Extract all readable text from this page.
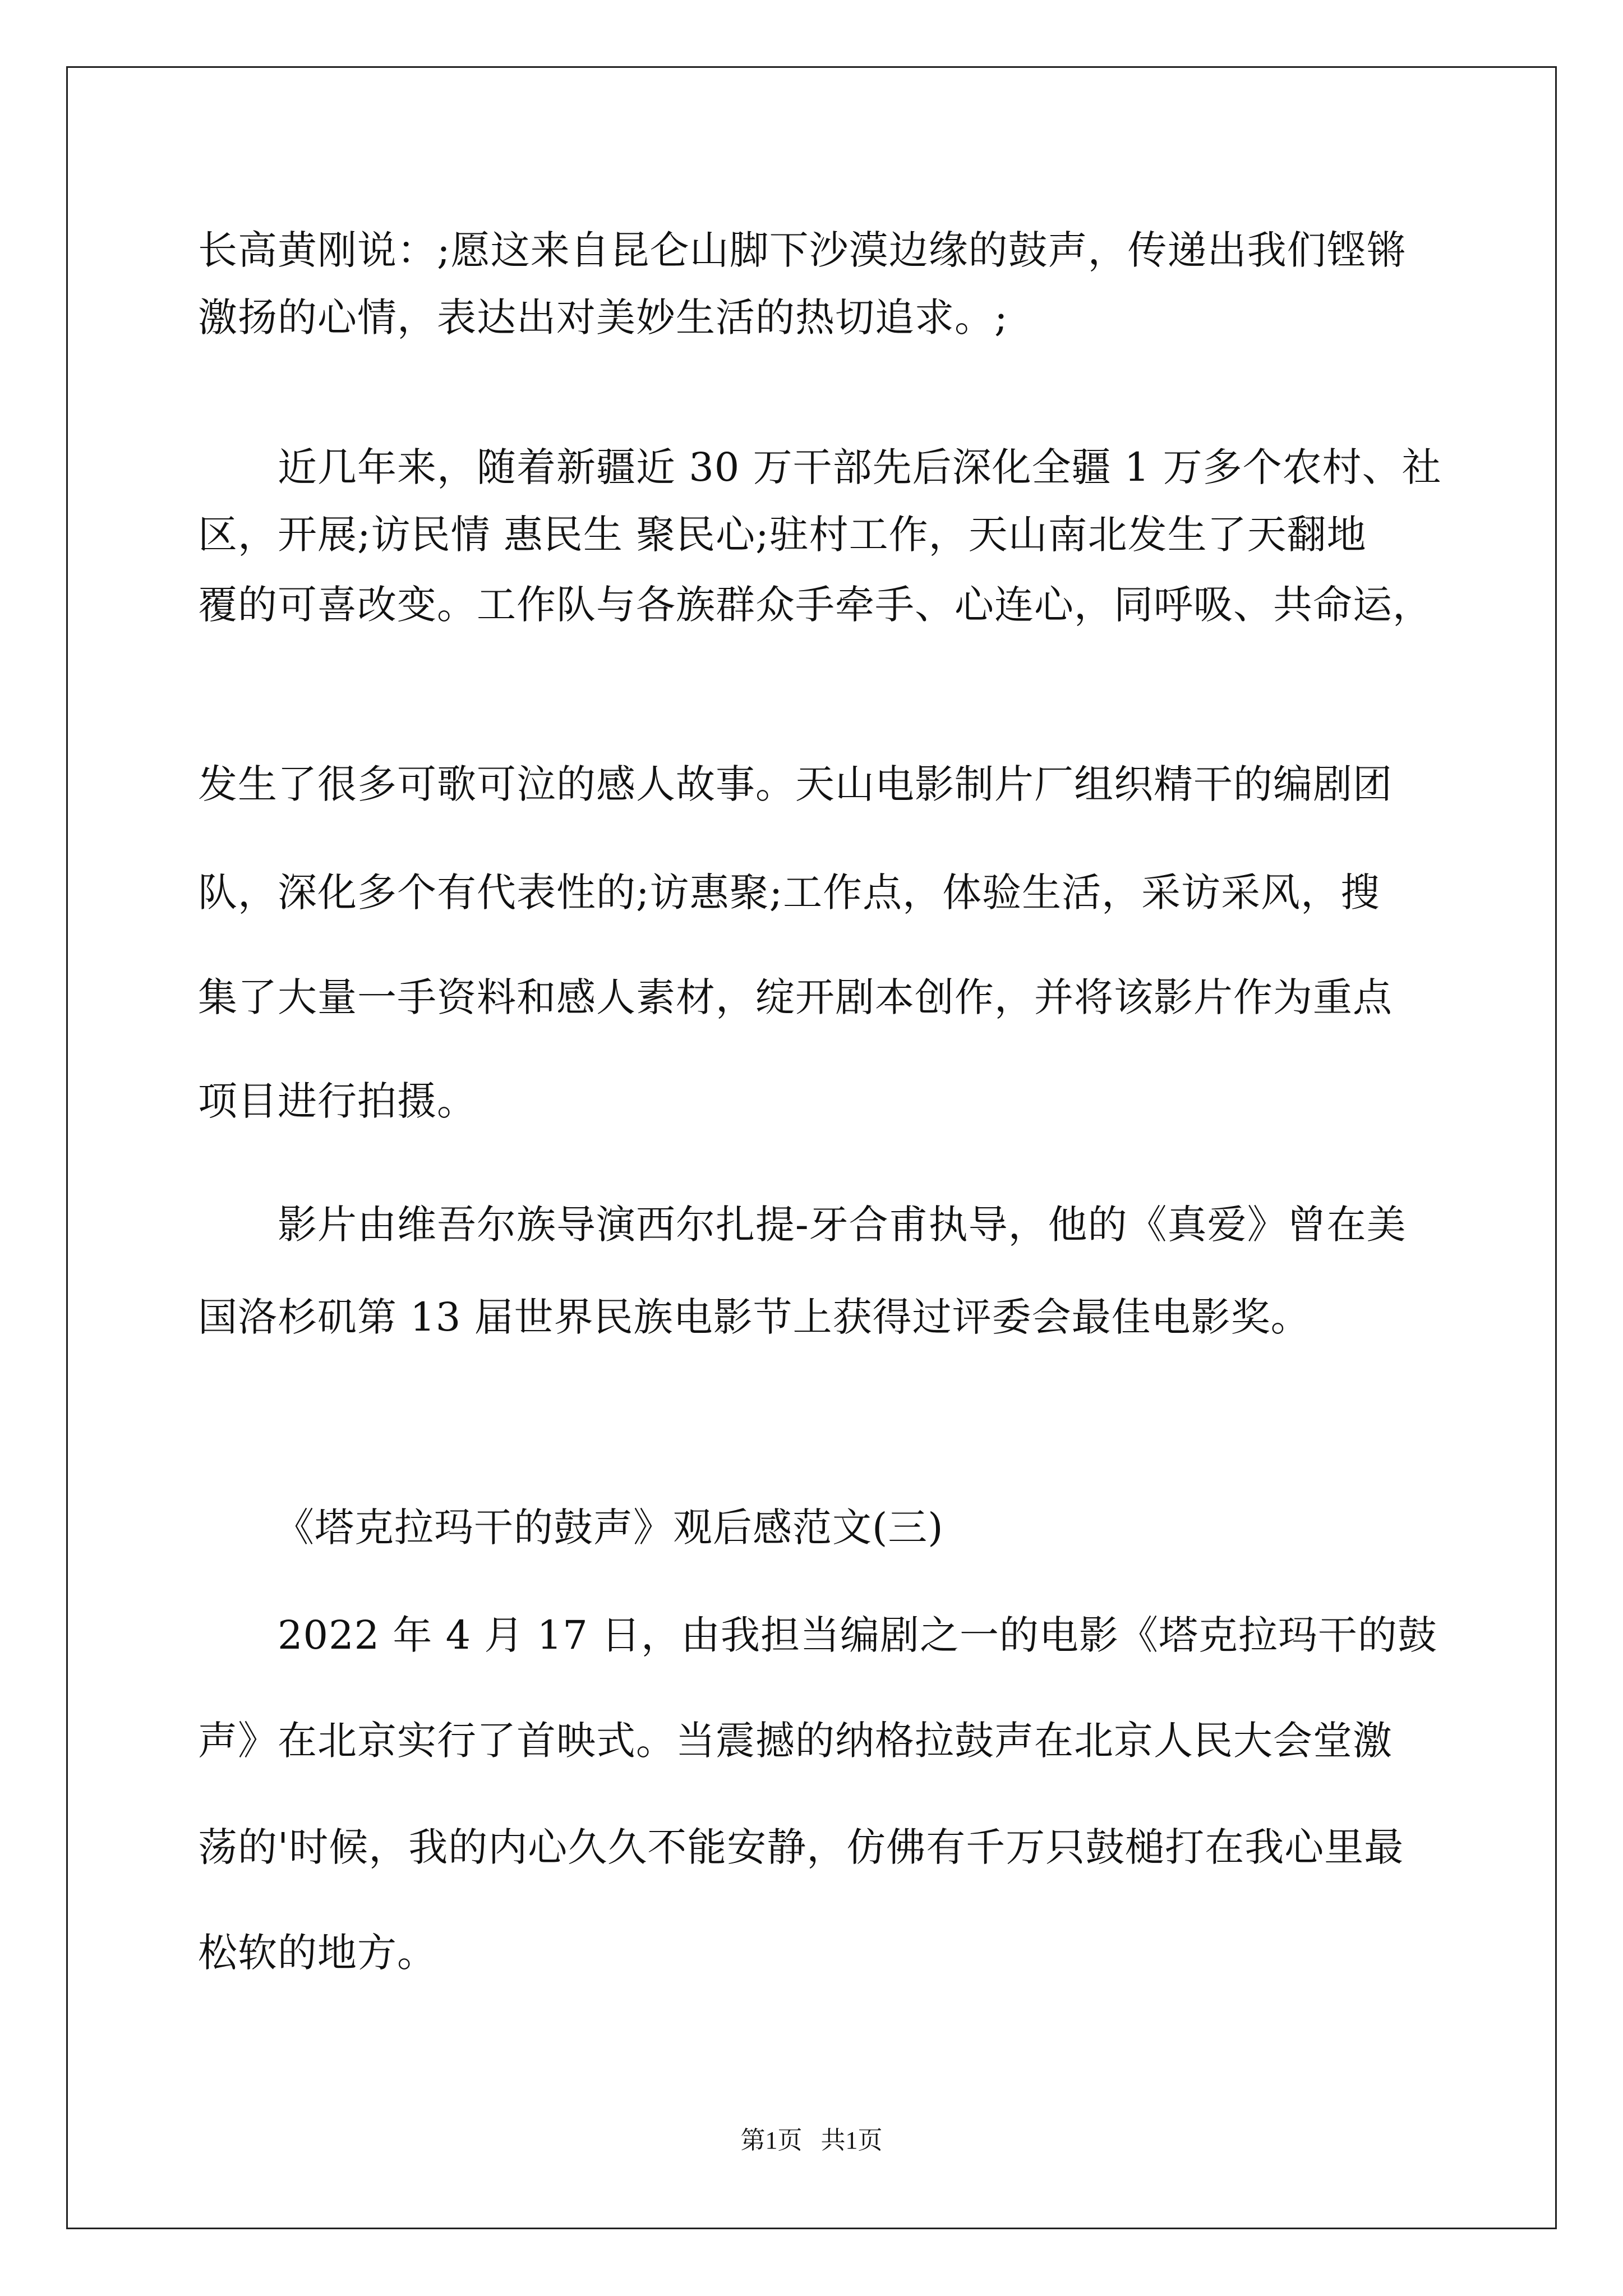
长高黄刚说：;愿这来自昆仑山脚下沙漠边缘的鼓声，传递出我们铿锵

激扬的心情，表达出对美妙生活的热切追求。;

近几年来，随着新疆近 30 万干部先后深化全疆 1 万多个农村、社

区，开展;访民情 惠民生 聚民心;驻村工作，天山南北发生了天翻地

覆的可喜改变。工作队与各族群众手牵手、心连心，同呼吸、共命运，

发生了很多可歌可泣的感人故事。天山电影制片厂组织精干的编剧团

队，深化多个有代表性的;访惠聚;工作点，体验生活，采访采风，搜

集了大量一手资料和感人素材，绽开剧本创作，并将该影片作为重点

项目进行拍摄。

影片由维吾尔族导演西尔扎提-牙合甫执导，他的《真爱》曾在美

国洛杉矶第 13 届世界民族电影节上获得过评委会最佳电影奖。

《塔克拉玛干的鼓声》观后感范文(三)

2022 年 4 月 17 日，由我担当编剧之一的电影《塔克拉玛干的鼓

声》在北京实行了首映式。当震撼的纳格拉鼓声在北京人民大会堂激

荡的'时候，我的内心久久不能安静，仿佛有千万只鼓槌打在我心里最

松软的地方。

第1页   共1页
